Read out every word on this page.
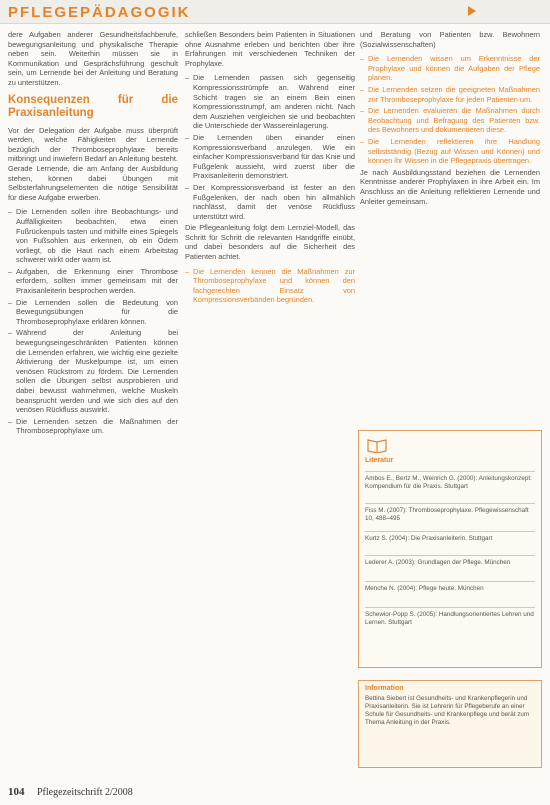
PFLEGEPÄDAGOGIK

dere Aufgaben anderer Gesundheitsfachberufe, bewegungsanleitung und physikalische Therapie neben sein. Weiterhin müssen sie in Kommunikation und Gesprächsführung geschult sein, um Lernende bei der Anleitung und Beratung zu unterstützen.

Konsequenzen für die Praxisanleitung

Vor der Delegation der Aufgabe muss überprüft werden, welche Fähigkeiten der Lernende bezüglich der Thromboseprophylaxe bereits mitbringt und inwiefern Bedarf an Anleitung besteht. Gerade Lernende, die am Anfang der Ausbildung stehen, können dabei Übungen mit Selbsterfahrungselementen die nötige Sensibilität für diese Aufgabe erwerben.

– Die Lernenden sollen ihre Beobachtungs- und Auffälligkeiten beobachten, etwa einen Fußrückenpuls tasten und mithilfe eines Spiegels von Fußsohlen aus erkennen, ob ein Ödem vorliegt, ob die Haut nach einem Arbeitstag schwerer wirkt oder warm ist.
– Aufgaben, die Erkennung einer Thrombose erfordern, sollten immer gemeinsam mit der Praxisanleiterin besprochen werden.
– Die Lernenden sollen die Bedeutung von Bewegungsübungen für die Thromboseprophylaxe erklären können.
– Während der Anleitung bei bewegungseingeschränkten Patienten können die Lernenden erfahren, wie wichtig eine gezielte Aktivierung der Muskelpumpe ist, um einen venösen Rückstrom zu fördern. Die Lernenden sollen die Übungen selbst ausprobieren und dabei bewusst wahrnehmen, welche Muskeln beansprucht werden und wie sich dies auf den venösen Rückfluss auswirkt.
– Die Lernenden setzen die Maßnahmen der Thromboseprophylaxe um.

schließen Besonders beim Patienten in Situationen ohne Ausnahme erleben und berichten über ihre Erfahrungen mit verschiedenen Techniken der Prophylaxe.

– Die Lernenden passen sich gegenseitig Kompressionsstrümpfe an. Während einer Schicht tragen sie an einem Bein einen Kompressionsstrumpf, am anderen nicht. Nach dem Ausziehen vergleichen sie und beobachten die Unterschiede der Wassereinlagerung.
– Die Lernenden üben einander einen Kompressionsverband anzulegen. Wie ein einfacher Kompressionsverband für das Knie und Fußgelenk aussieht, wird zuerst über die Praxisanleiterin demonstriert.
– Der Kompressionsverband ist fester an den Fußgelenken, der nach oben hin allmählich nachlässt, damit der venöse Rückfluss unterstützt wird.

Die Pflegeanleitung folgt dem Lernziel-Modell, das Schritt für Schritt die relevanten Handgriffe einübt, und dabei besonders auf die Sicherheit des Patienten achtet.

– Die Lernenden kennen die Maßnahmen zur Thromboseprophylaxe und können den fachgerechten Einsatz von Kompressionsverbänden begründen.

und Beratung von Patienten bzw. Bewohnern (Sozialwissenschaften)

– Die Lernenden wissen um Erkenntnisse der Prophylaxe und können die Aufgaben der Pflege planen.
– Die Lernenden setzen die geeigneten Maßnahmen zur Thromboseprophylaxe für jeden Patienten um.
– Die Lernenden evaluieren die Maßnahmen durch Beobachtung und Befragung des Patienten bzw. des Bewohners und dokumentieren diese.
– Die Lernenden reflektieren ihre Handlung selbstständig (Bezug auf Wissen und Können) und können ihr Wissen in die Pflegepraxis übertragen.

Je nach Ausbildungsstand beziehen die Lernenden Kenntnisse anderer Prophylaxen in ihre Arbeit ein. Im Anschluss an die Anleitung reflektieren Lernende und Anleiter gemeinsam.

Literatur
Ambos E., Bertz M., Weinrich G. (2000): Anleitungskonzept: Kompendium für die Praxis. Stuttgart
Fiss M. (2007): Thromboseprophylaxe. Pflegewissenschaft 10, 488–495
Kurtz S. (2004): Die Praxisanleiterin. Stuttgart
Lederer A. (2003): Grundlagen der Pflege. München
Menche N. (2004): Pflege heute. München
Schewior-Popp S. (2005): Handlungsorientiertes Lehren und Lernen. Stuttgart
Information
Bettina Siebert ist Gesundheits- und Krankenpflegerin und Praxisanleiterin. Sie ist Lehrerin für Pflegeberufe an einer Schule für Gesundheits- und Krankenpflege und berät zum Thema Anleitung in der Praxis.
104 Pflegezeitschrift 2/2008
